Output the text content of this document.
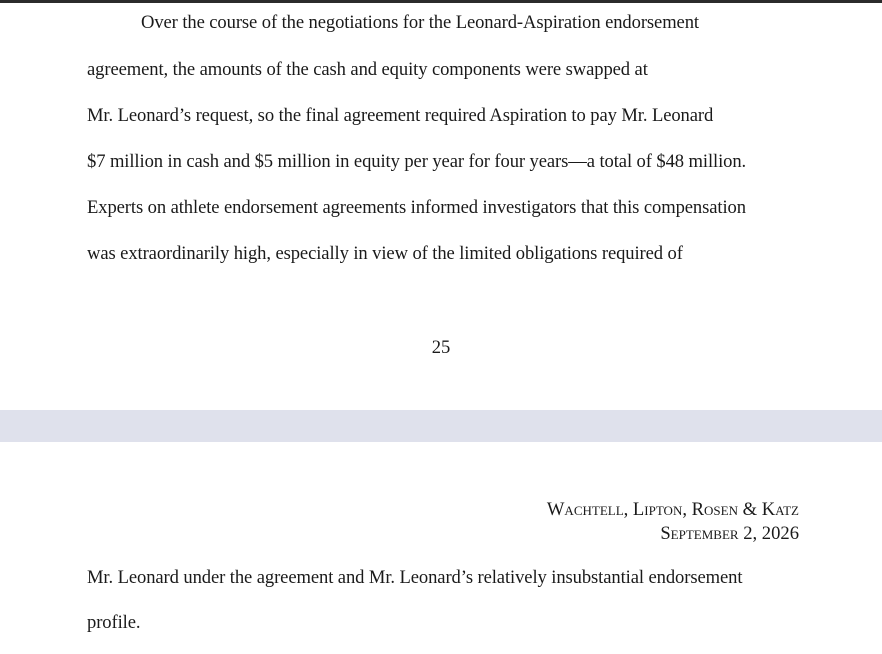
Over the course of the negotiations for the Leonard-Aspiration endorsement
agreement, the amounts of the cash and equity components were swapped at
Mr. Leonard’s request, so the final agreement required Aspiration to pay Mr. Leonard
$7 million in cash and $5 million in equity per year for four years—a total of $48 million.
Experts on athlete endorsement agreements informed investigators that this compensation
was extraordinarily high, especially in view of the limited obligations required of
25
Wachtell, Lipton, Rosen & Katz
September 2, 2026
Mr. Leonard under the agreement and Mr. Leonard’s relatively insubstantial endorsement
profile.
